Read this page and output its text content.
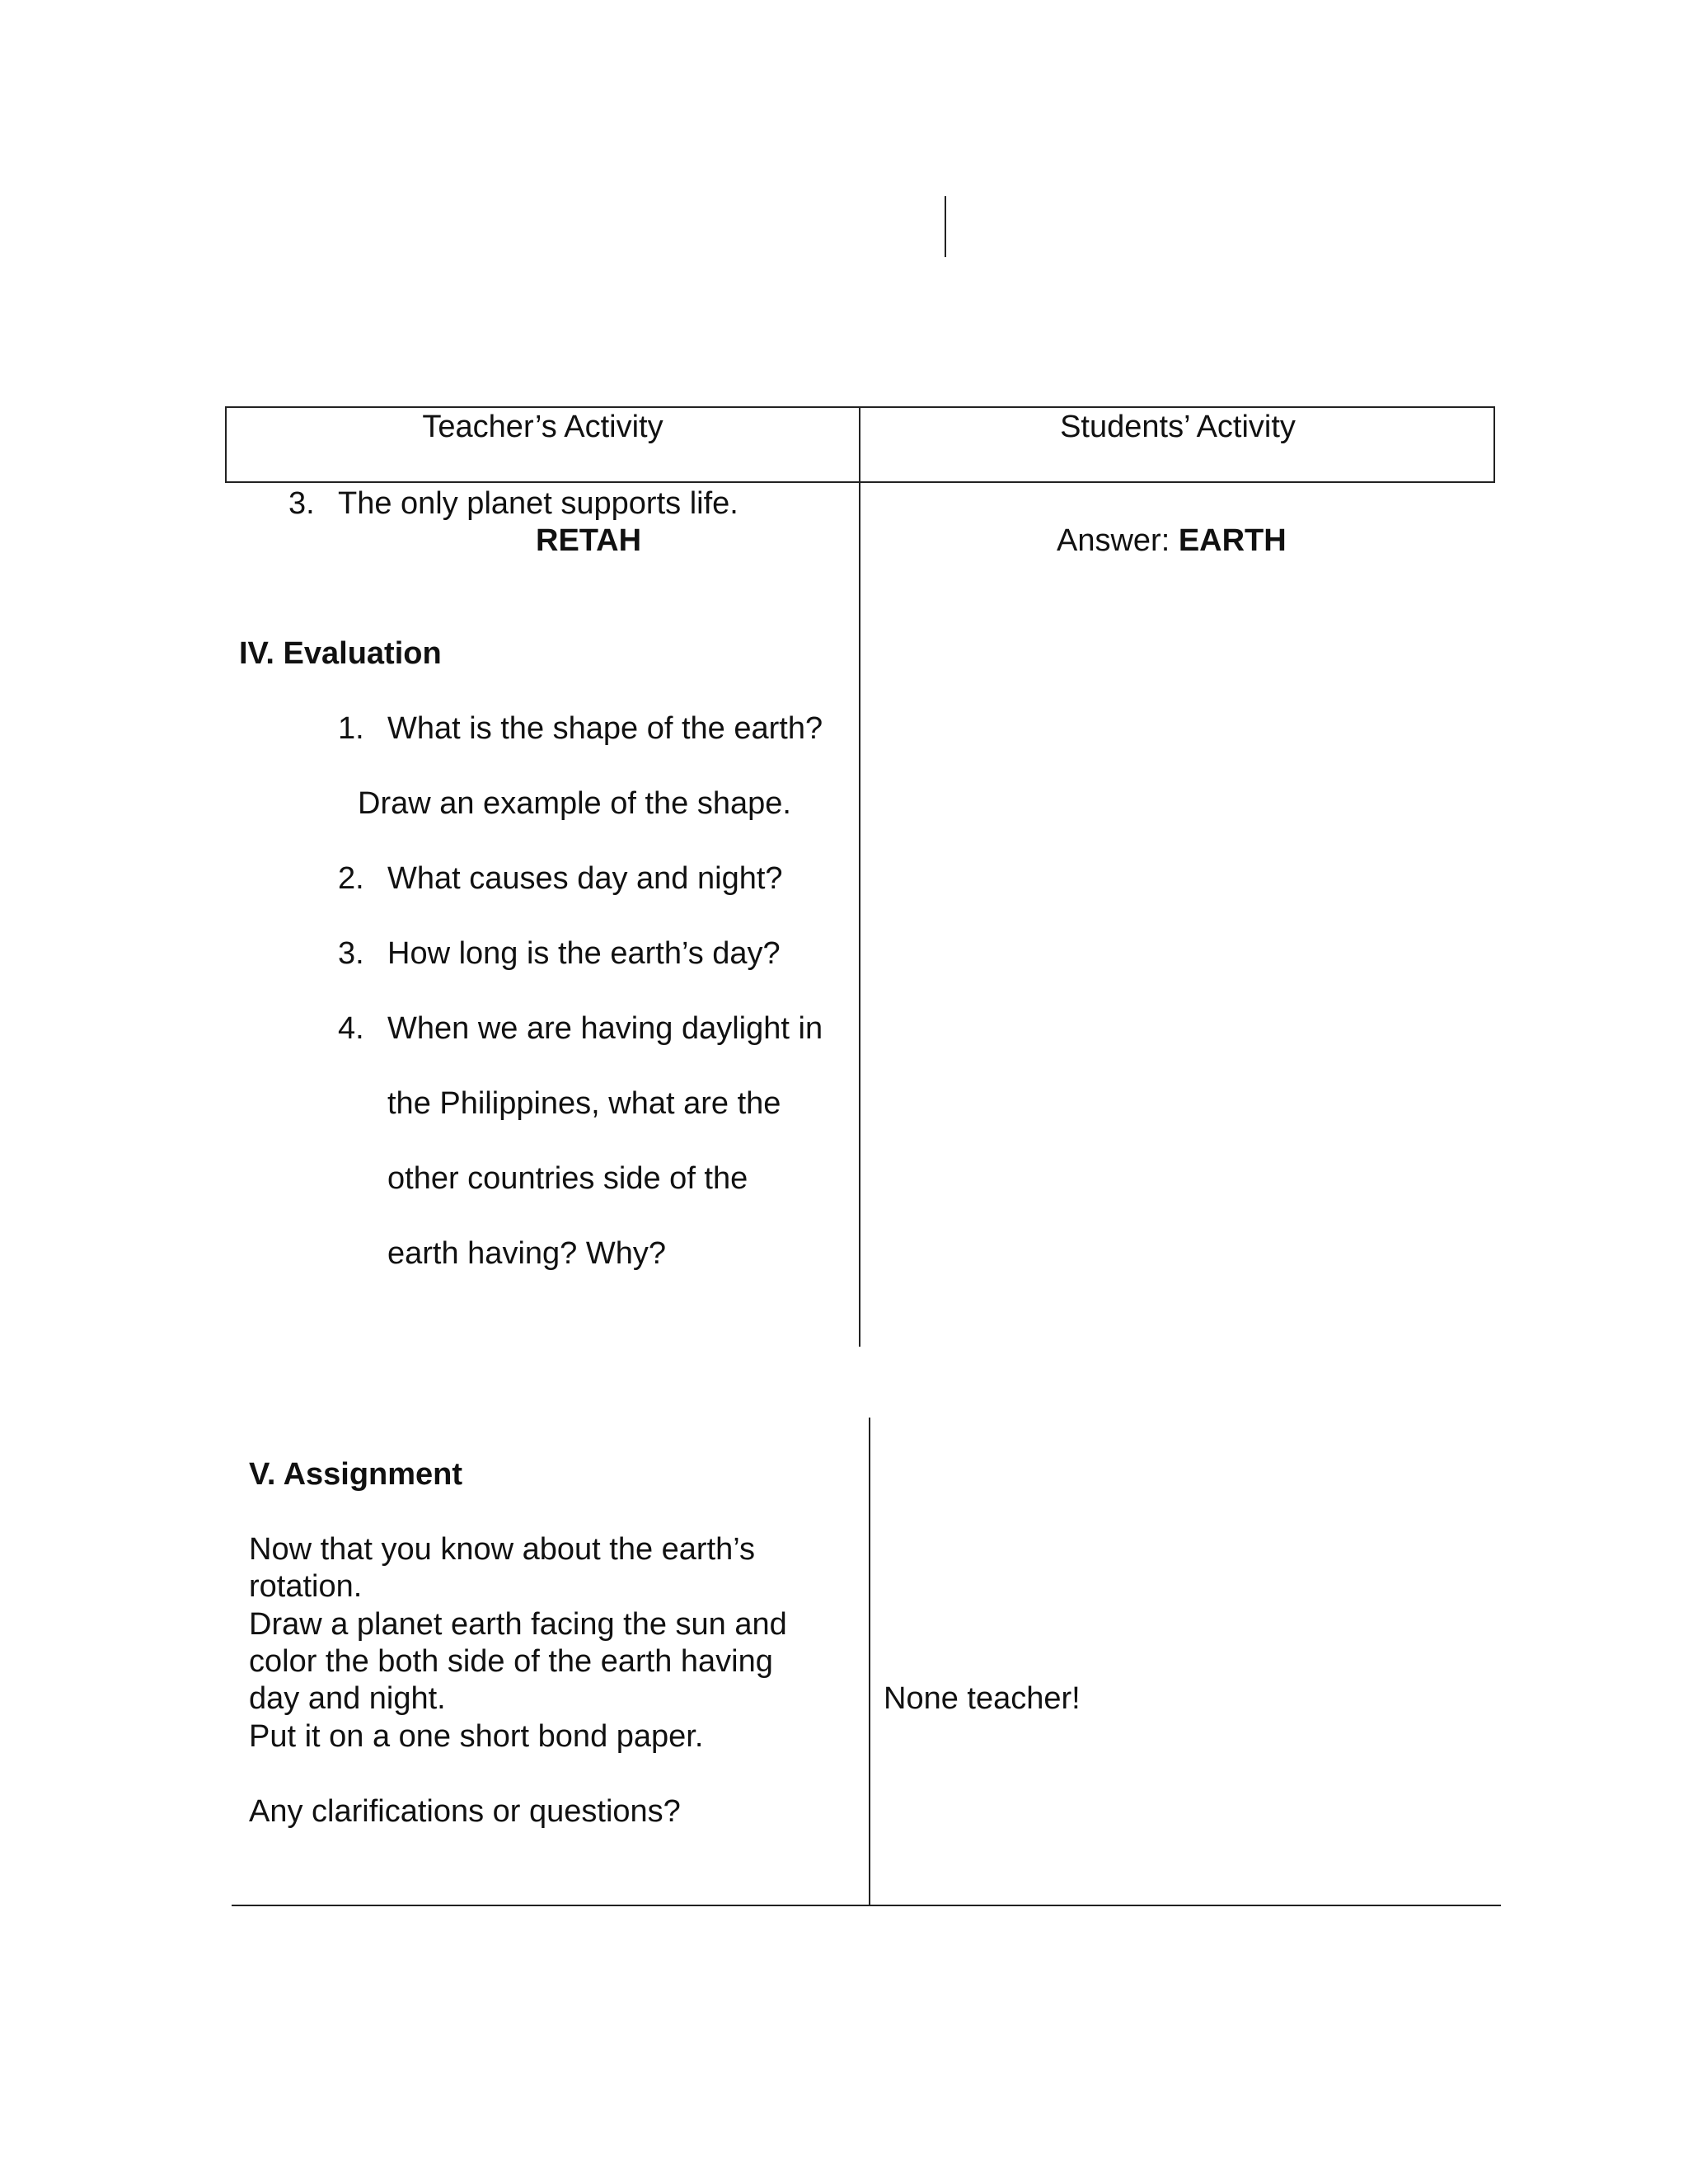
Teacher’s Activity	Students’ Activity
3. The only planet supports life.
RETAH	Answer: EARTH
IV. Evaluation
1. What is the shape of the earth?
Draw an example of the shape.
2. What causes day and night?
3. How long is the earth’s day?
4. When we are having daylight in
the Philippines, what are the
other countries side of the
earth having? Why?
V. Assignment
Now that you know about the earth’s
rotation.
Draw a planet earth facing the sun and
color the both side of the earth having
day and night.
Put it on a one short bond paper.
Any clarifications or questions?
None teacher!
